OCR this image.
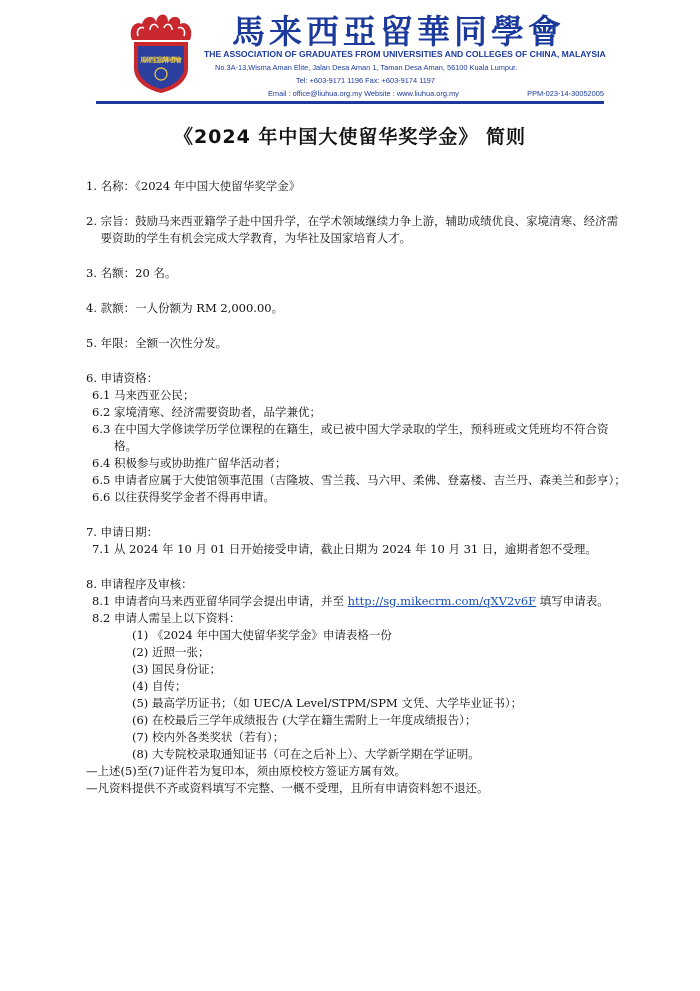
馬來西亞留華同學會
馬来西亞留華同學會
THE ASSOCIATION OF GRADUATES FROM UNIVERSITIES AND COLLEGES OF CHINA, MALAYSIA
No.3A-13,Wisma Aman Elite, Jalan Desa Aman 1, Taman Desa Aman, 56100 Kuala Lumpur.
Tel: +603-9171 1196 Fax: +603-9174 1197
Email : office@liuhua.org.my Website : www.liuhua.org.my	PPM-023-14-30052005
《2024 年中国大使留华奖学金》 简则
1. 名称：《2024 年中国大使留华奖学金》
2. 宗旨：鼓励马来西亚籍学子赴中国升学，在学术领域继续力争上游，辅助成绩优良、家境清寒、经济需要资助的学生有机会完成大学教育，为华社及国家培育人才。
3. 名额：20 名。
4. 款额：一人份额为 RM 2,000.00。
5. 年限：全额一次性分发。
6. 申请资格：
6.1 马来西亚公民；
6.2 家境清寒、经济需要资助者，品学兼优；
6.3 在中国大学修读学历学位课程的在籍生，或已被中国大学录取的学生，预科班或文凭班均不符合资格。
6.4 积极参与或协助推广留华活动者；
6.5 申请者应属于大使馆领事范围（吉隆坡、雪兰莪、马六甲、柔佛、登嘉楼、吉兰丹、森美兰和彭亨）；
6.6 以往获得奖学金者不得再申请。
7. 申请日期：
7.1 从 2024 年 10 月 01 日开始接受申请，截止日期为 2024 年 10 月 31 日，逾期者恕不受理。
8. 申请程序及审核：
8.1 申请者向马来西亚留华同学会提出申请，并至 http://sg.mikecrm.com/qXV2v6F 填写申请表。
8.2 申请人需呈上以下资料：
(1) 《2024 年中国大使留华奖学金》申请表格一份
(2) 近照一张；
(3) 国民身份证；
(4) 自传；
(5) 最高学历证书；（如 UEC/A Level/STPM/SPM 文凭、大学毕业证书）；
(6) 在校最后三学年成绩报告 (大学在籍生需附上一年度成绩报告）；
(7) 校内外各类奖状（若有）；
(8) 大专院校录取通知证书（可在之后补上）、大学新学期在学证明。
—上述(5)至(7)证件若为复印本，须由原校校方签证方属有效。
—凡资料提供不齐或资料填写不完整、一概不受理，且所有申请资料恕不退还。
